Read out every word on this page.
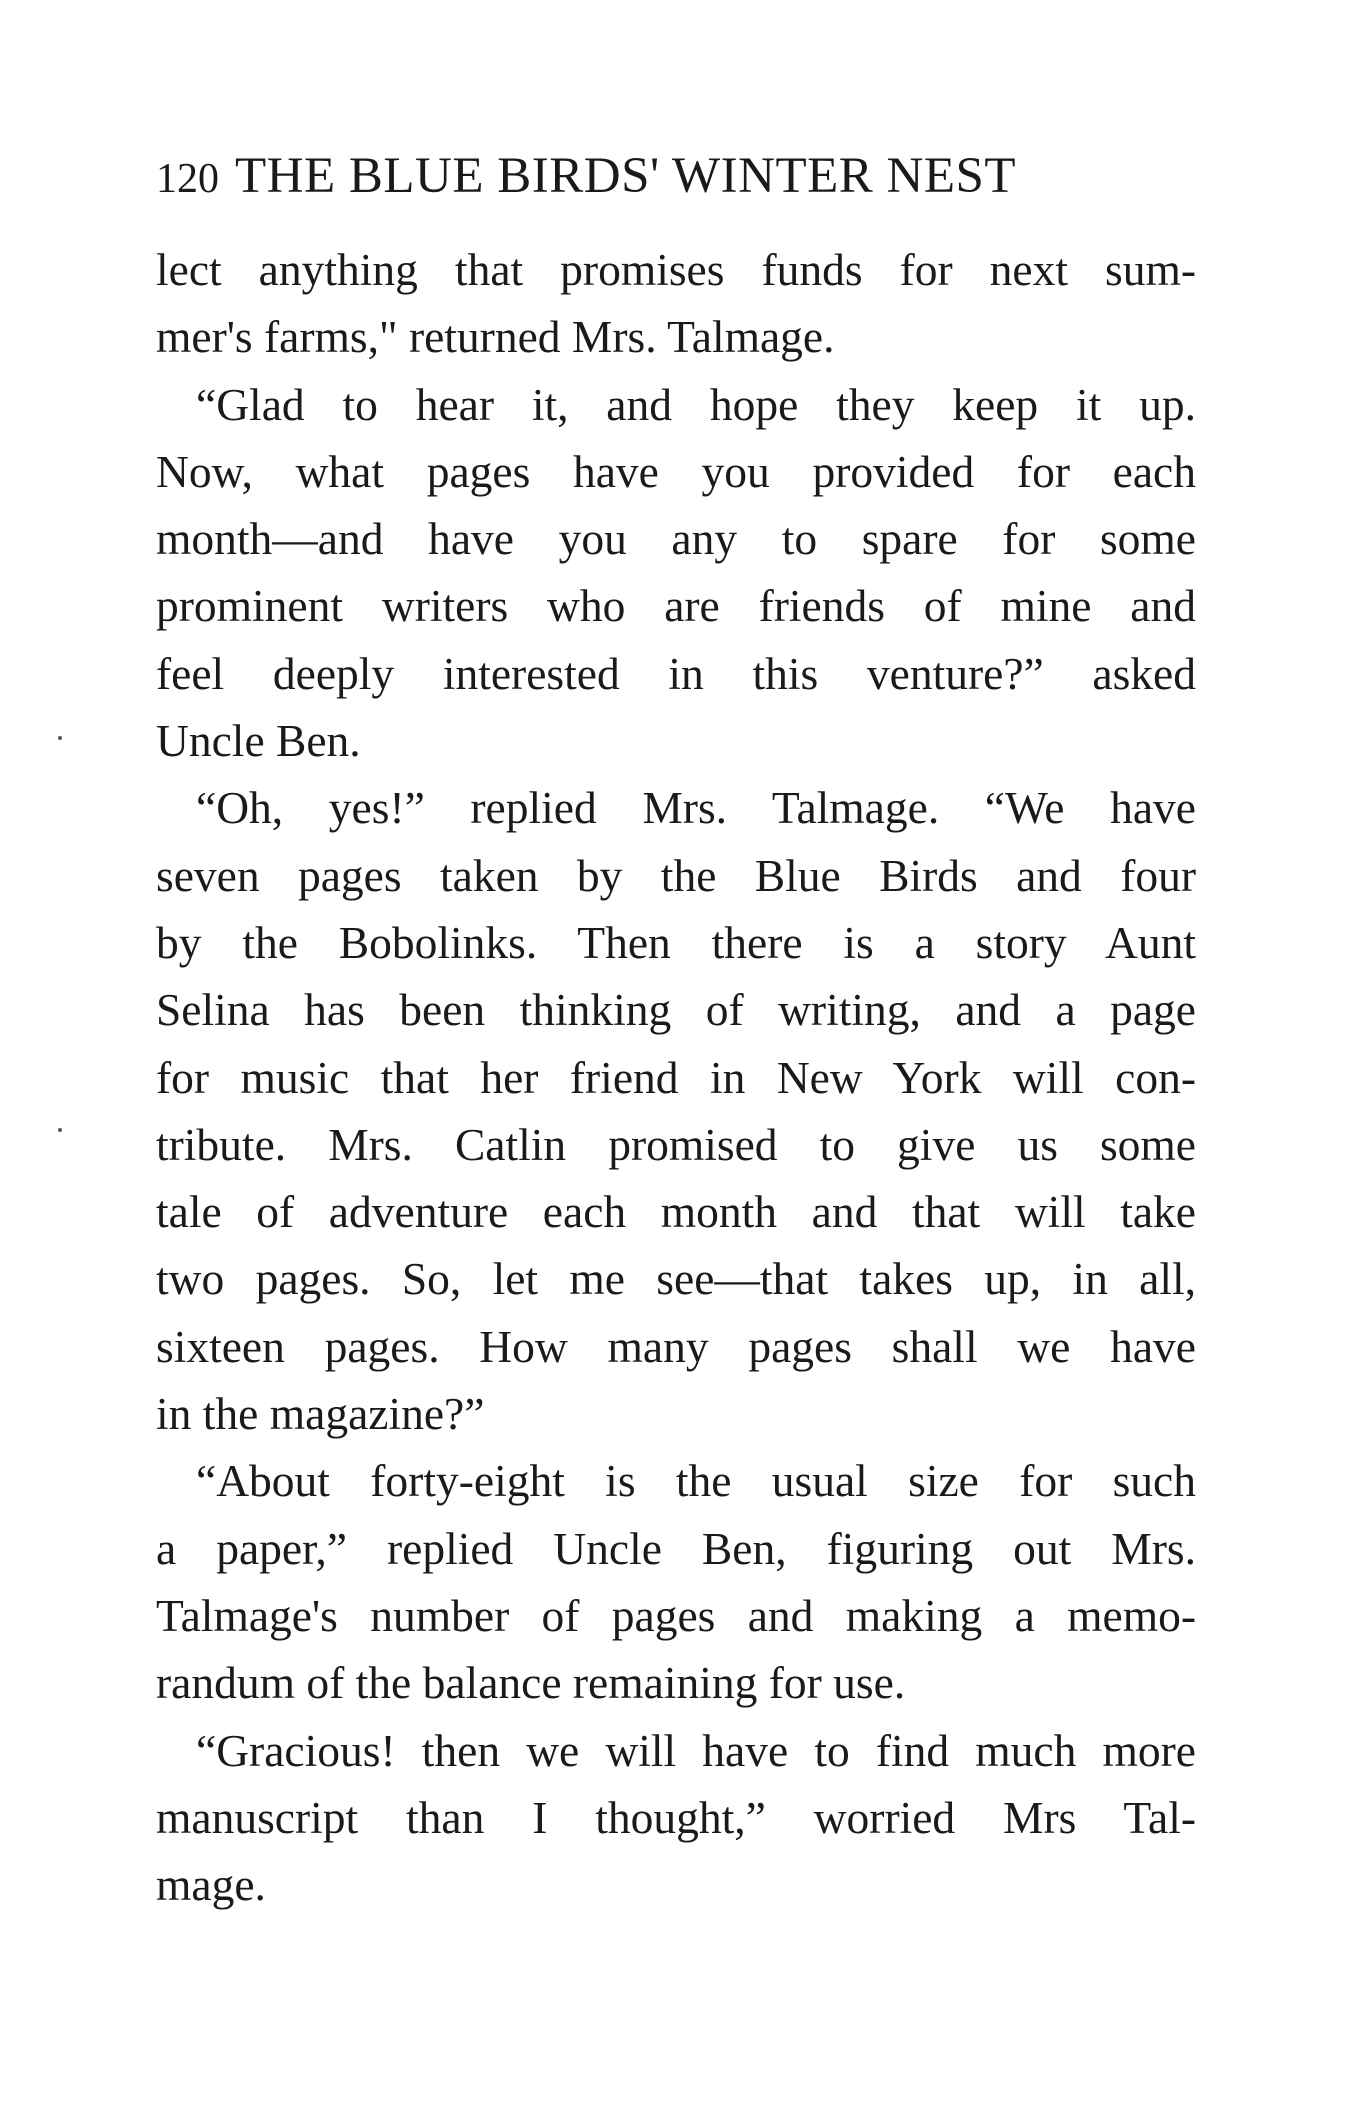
120 THE BLUE BIRDS' WINTER NEST
lect anything that promises funds for next sum-
mer's farms," returned Mrs. Talmage.
“Glad to hear it, and hope they keep it up.
Now, what pages have you provided for each
month—and have you any to spare for some
prominent writers who are friends of mine and
feel deeply interested in this venture?” asked
Uncle Ben.
“Oh, yes!” replied Mrs. Talmage. “We have
seven pages taken by the Blue Birds and four
by the Bobolinks. Then there is a story Aunt
Selina has been thinking of writing, and a page
for music that her friend in New York will con-
tribute. Mrs. Catlin promised to give us some
tale of adventure each month and that will take
two pages. So, let me see—that takes up, in all,
sixteen pages. How many pages shall we have
in the magazine?”
“About forty-eight is the usual size for such
a paper,” replied Uncle Ben, figuring out Mrs.
Talmage's number of pages and making a memo-
randum of the balance remaining for use.
“Gracious! then we will have to find much more
manuscript than I thought,” worried Mrs Tal-
mage.
